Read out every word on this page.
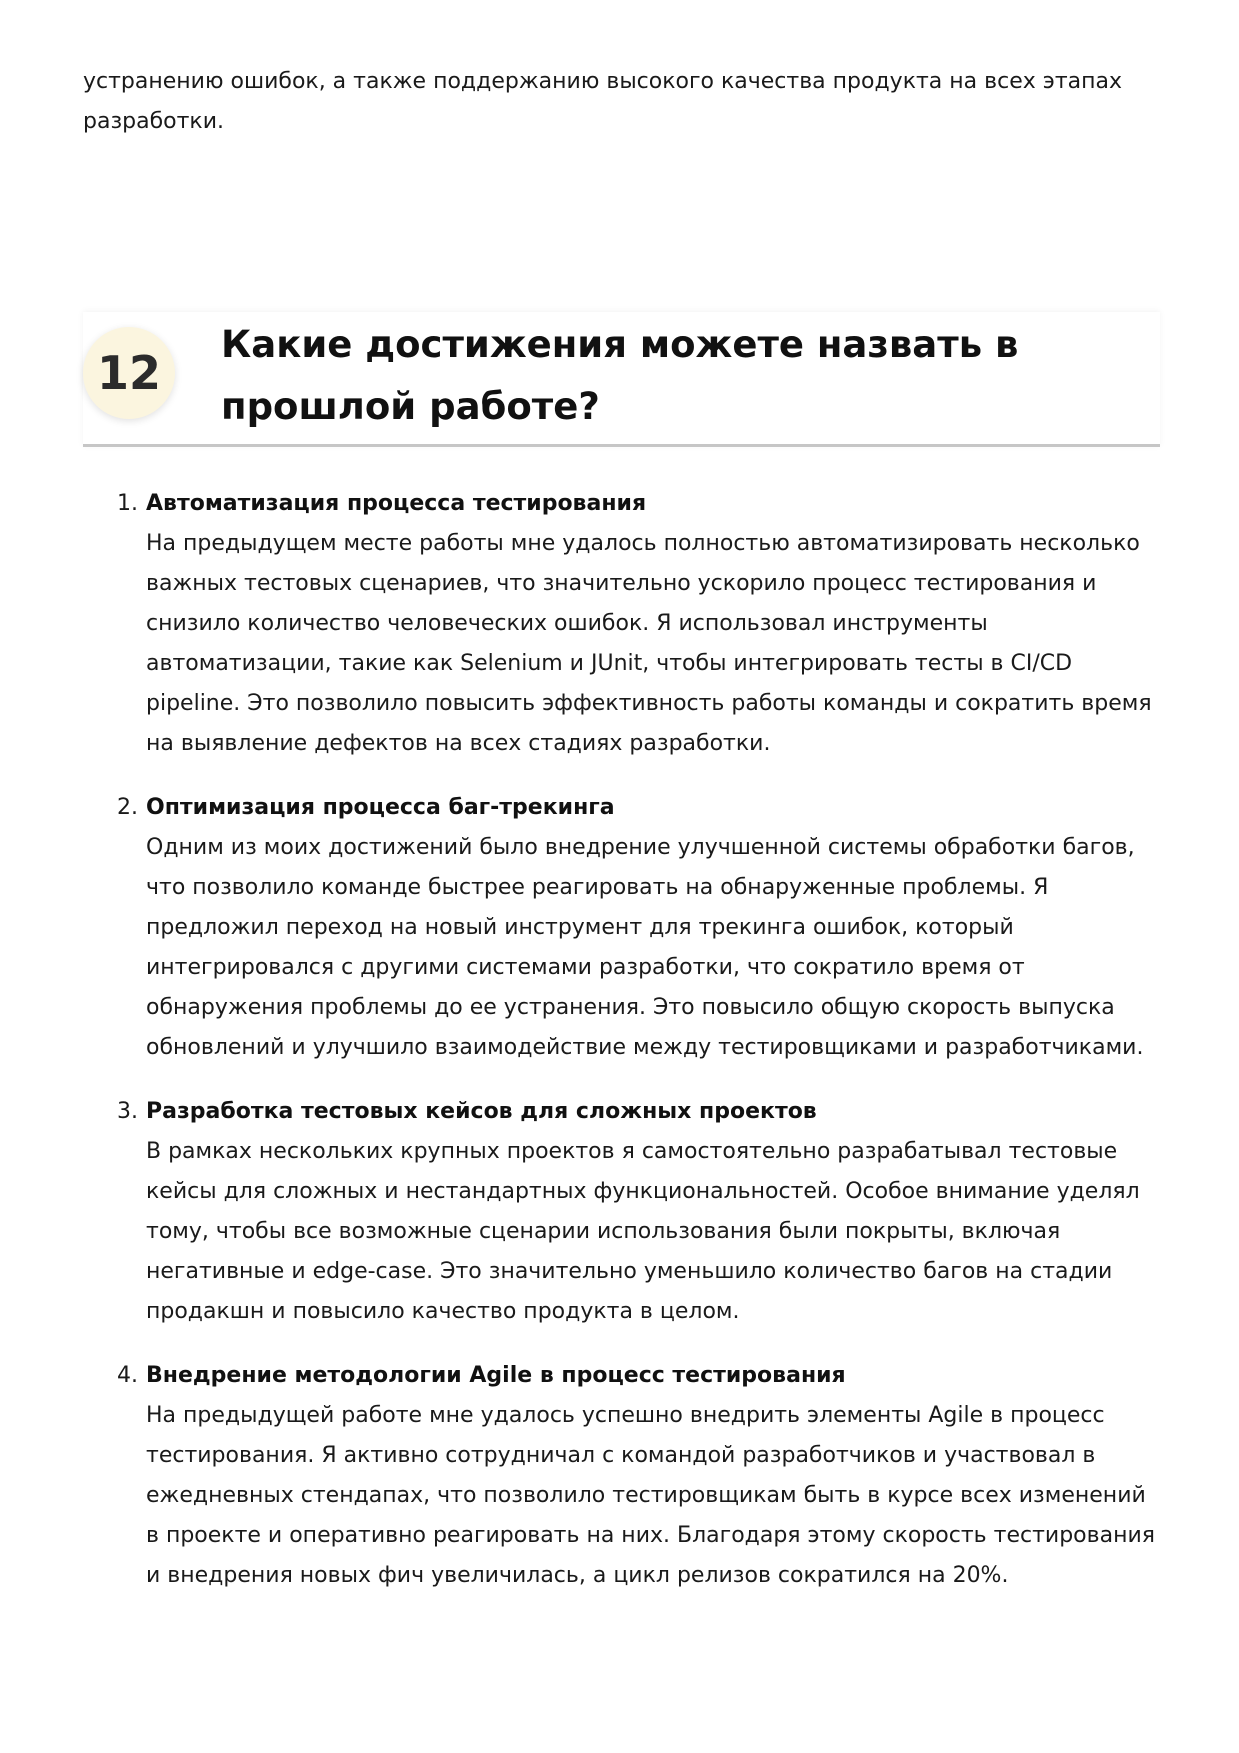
устранению ошибок, а также поддержанию высокого качества продукта на всех этапах разработки.

12
Какие достижения можете назвать в прошлой работе?
1. Автоматизация процесса тестирования
На предыдущем месте работы мне удалось полностью автоматизировать несколько важных тестовых сценариев, что значительно ускорило процесс тестирования и снизило количество человеческих ошибок. Я использовал инструменты автоматизации, такие как Selenium и JUnit, чтобы интегрировать тесты в CI/CD pipeline. Это позволило повысить эффективность работы команды и сократить время на выявление дефектов на всех стадиях разработки.
2. Оптимизация процесса баг-трекинга
Одним из моих достижений было внедрение улучшенной системы обработки багов, что позволило команде быстрее реагировать на обнаруженные проблемы. Я предложил переход на новый инструмент для трекинга ошибок, который интегрировался с другими системами разработки, что сократило время от обнаружения проблемы до ее устранения. Это повысило общую скорость выпуска обновлений и улучшило взаимодействие между тестировщиками и разработчиками.
3. Разработка тестовых кейсов для сложных проектов
В рамках нескольких крупных проектов я самостоятельно разрабатывал тестовые кейсы для сложных и нестандартных функциональностей. Особое внимание уделял тому, чтобы все возможные сценарии использования были покрыты, включая негативные и edge-case. Это значительно уменьшило количество багов на стадии продакшн и повысило качество продукта в целом.
4. Внедрение методологии Agile в процесс тестирования
На предыдущей работе мне удалось успешно внедрить элементы Agile в процесс тестирования. Я активно сотрудничал с командой разработчиков и участвовал в ежедневных стендапах, что позволило тестировщикам быть в курсе всех изменений в проекте и оперативно реагировать на них. Благодаря этому скорость тестирования и внедрения новых фич увеличилась, а цикл релизов сократился на 20%.
